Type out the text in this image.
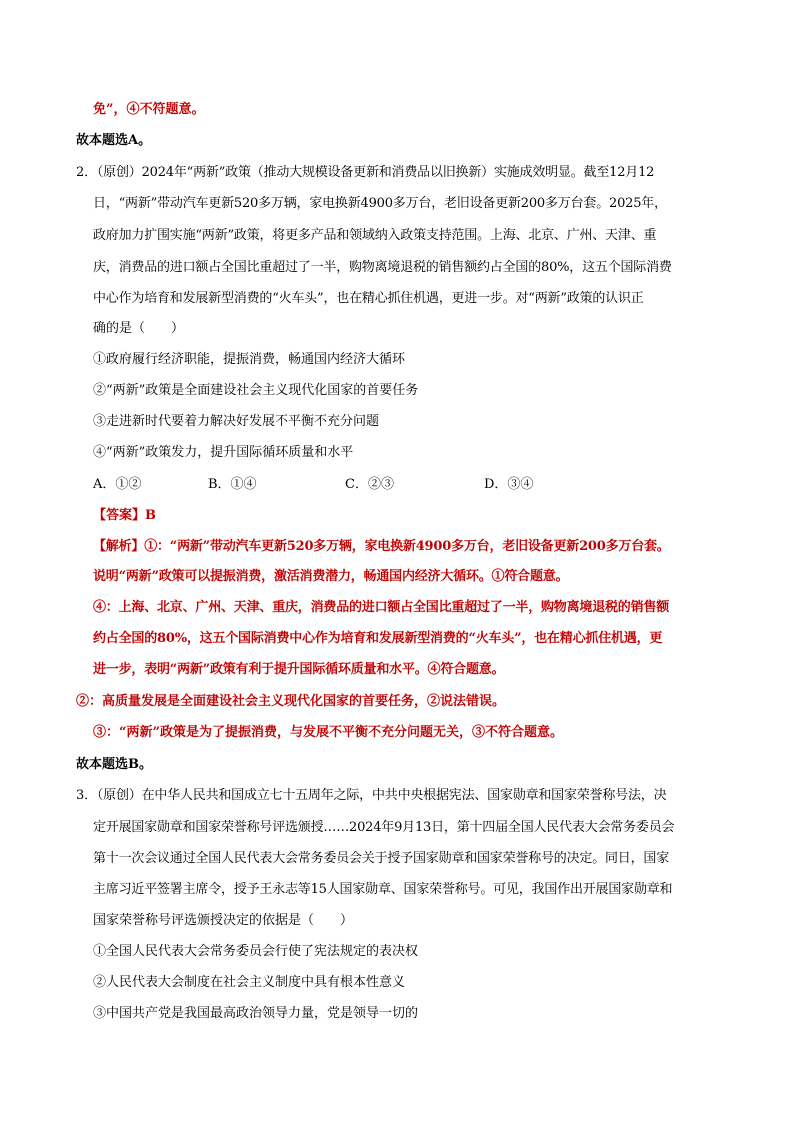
免”，④不符题意。
故本题选A。
2．（原创）2024年“两新”政策（推动大规模设备更新和消费品以旧换新）实施成效明显。截至12月12
日，“两新”带动汽车更新520多万辆，家电换新4900多万台，老旧设备更新200多万台套。2025年，
政府加力扩围实施“两新”政策，将更多产品和领域纳入政策支持范围。上海、北京、广州、天津、重
庆，消费品的进口额占全国比重超过了一半，购物离境退税的销售额约占全国的80%，这五个国际消费
中心作为培育和发展新型消费的“火车头”，也在精心抓住机遇，更进一步。对“两新”政策的认识正
确的是（　　）
①政府履行经济职能，提振消费，畅通国内经济大循环
②“两新”政策是全面建设社会主义现代化国家的首要任务
③走进新时代要着力解决好发展不平衡不充分问题
④“两新”政策发力，提升国际循环质量和水平
A．①②	B．①④	C．②③	D．③④
【答案】B
【解析】①：“两新”带动汽车更新520多万辆，家电换新4900多万台，老旧设备更新200多万台套。
说明“两新”政策可以提振消费，激活消费潜力，畅通国内经济大循环。①符合题意。
④：上海、北京、广州、天津、重庆，消费品的进口额占全国比重超过了一半，购物离境退税的销售额
约占全国的80%，这五个国际消费中心作为培育和发展新型消费的“火车头”，也在精心抓住机遇，更
进一步，表明“两新”政策有利于提升国际循环质量和水平。④符合题意。
②：高质量发展是全面建设社会主义现代化国家的首要任务，②说法错误。
③：“两新”政策是为了提振消费，与发展不平衡不充分问题无关，③不符合题意。
故本题选B。
3．（原创）在中华人民共和国成立七十五周年之际，中共中央根据宪法、国家勋章和国家荣誉称号法，决
定开展国家勋章和国家荣誉称号评选颁授……2024年9月13日，第十四届全国人民代表大会常务委员会
第十一次会议通过全国人民代表大会常务委员会关于授予国家勋章和国家荣誉称号的决定。同日，国家
主席习近平签署主席令，授予王永志等15人国家勋章、国家荣誉称号。可见，我国作出开展国家勋章和
国家荣誉称号评选颁授决定的依据是（　　）
①全国人民代表大会常务委员会行使了宪法规定的表决权
②人民代表大会制度在社会主义制度中具有根本性意义
③中国共产党是我国最高政治领导力量，党是领导一切的
